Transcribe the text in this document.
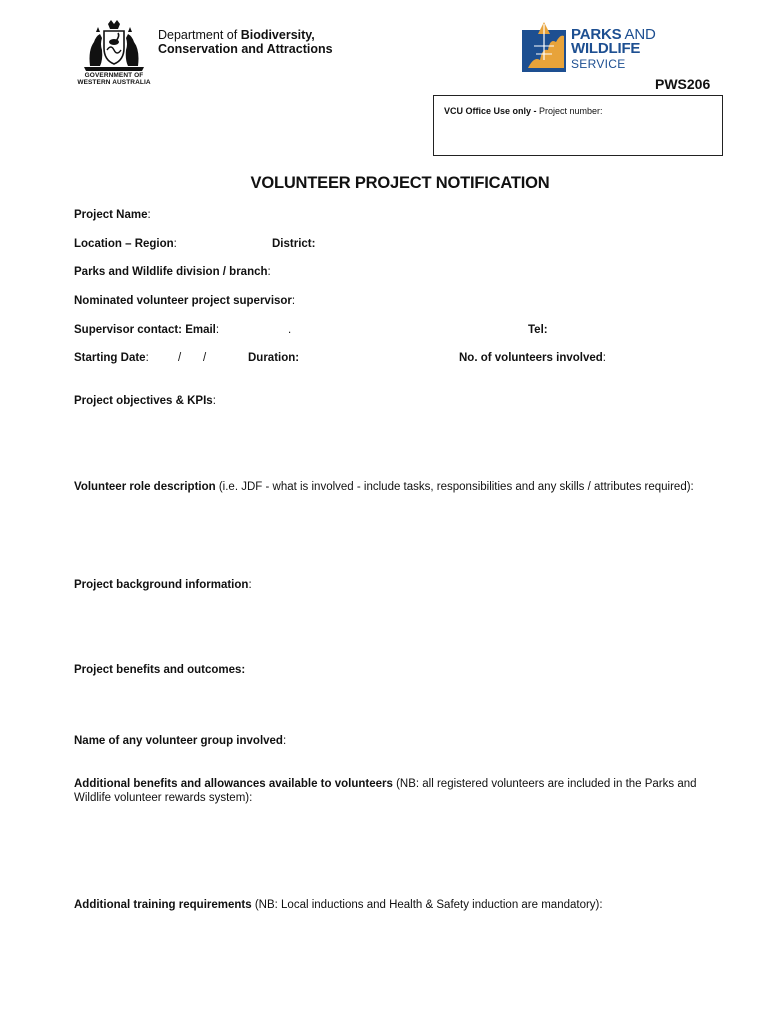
GOVERNMENT OF
WESTERN AUSTRALIA
Department of Biodiversity,
Conservation and Attractions
PARKS AND
WILDLIFE
SERVICE
PWS206
VCU Office Use only - Project number:
VOLUNTEER PROJECT NOTIFICATION
Project Name:
Location – Region:	District:
Parks and Wildlife division / branch:
Nominated volunteer project supervisor:
Supervisor contact: Email:	.	Tel:
Starting Date:	/ /	Duration:	No. of volunteers involved:
Project objectives & KPIs:
Volunteer role description (i.e. JDF - what is involved - include tasks, responsibilities and any skills / attributes required):
Project background information:
Project benefits and outcomes:
Name of any volunteer group involved:
Additional benefits and allowances available to volunteers (NB: all registered volunteers are included in the Parks and Wildlife volunteer rewards system):
Additional training requirements (NB: Local inductions and Health & Safety induction are mandatory):
